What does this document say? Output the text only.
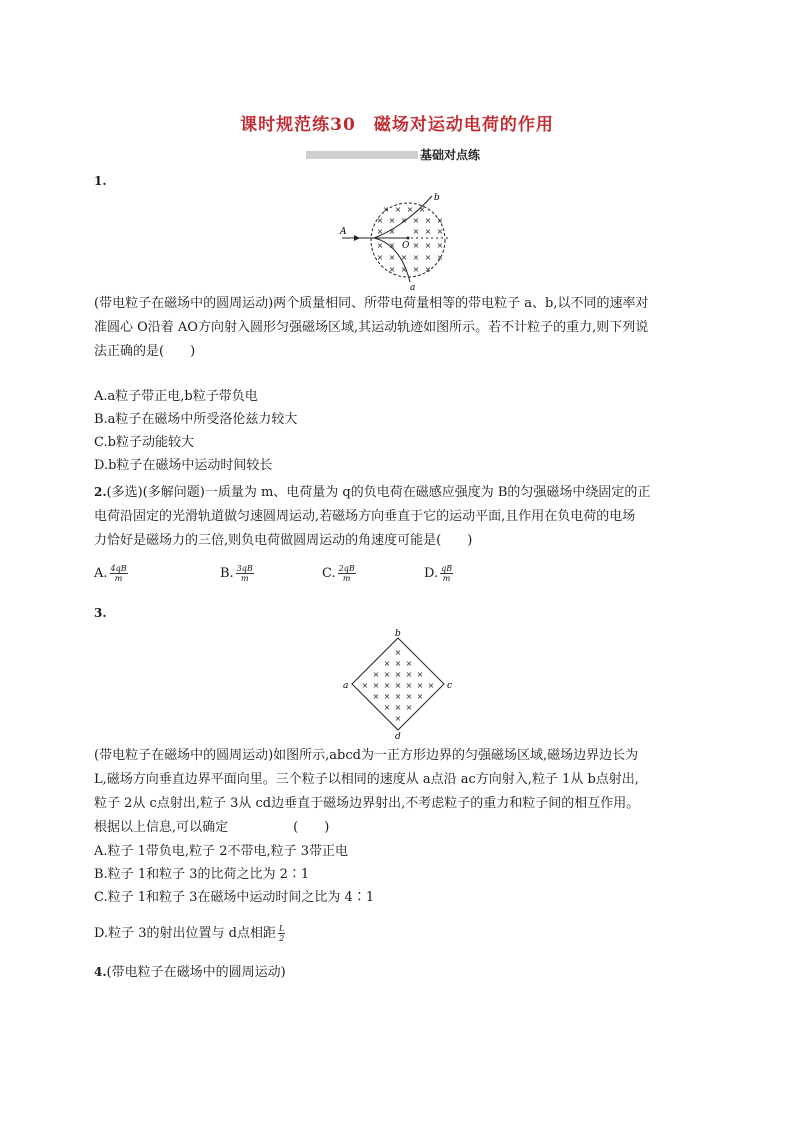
课时规范练30　磁场对运动电荷的作用
基础对点练
1.
× × × ×
× × × × × ×
× × × × ×
× × × × ×
× × × × × ×
× × × ×
A
b
O
a
(带电粒子在磁场中的圆周运动)两个质量相同、所带电荷量相等的带电粒子 a、b,以不同的速率对
准圆心 O沿着 AO方向射入圆形匀强磁场区域,其运动轨迹如图所示。若不计粒子的重力,则下列说
法正确的是(　　)
A.a粒子带正电,b粒子带负电
B.a粒子在磁场中所受洛伦兹力较大
C.b粒子动能较大
D.b粒子在磁场中运动时间较长
2.(多选)(多解问题)一质量为 m、电荷量为 q的负电荷在磁感应强度为 B的匀强磁场中绕固定的正
电荷沿固定的光滑轨道做匀速圆周运动,若磁场方向垂直于它的运动平面,且作用在负电荷的电场
力恰好是磁场力的三倍,则负电荷做圆周运动的角速度可能是(　　)
A. $\frac{4qB}{m}$	B. $\frac{3qB}{m}$	C. $\frac{2qB}{m}$	D. $\frac{qB}{m}$
3.
×
× × ×
× × × × ×
× × × × × × ×
× × × × ×
× × ×
×
b
a	c
d
(带电粒子在磁场中的圆周运动)如图所示,abcd为一正方形边界的匀强磁场区域,磁场边界边长为
L,磁场方向垂直边界平面向里。三个粒子以相同的速度从 a点沿 ac方向射入,粒子 1从 b点射出,
粒子 2从 c点射出,粒子 3从 cd边垂直于磁场边界射出,不考虑粒子的重力和粒子间的相互作用。
根据以上信息,可以确定　　　　　(　　)
A.粒子 1带负电,粒子 2不带电,粒子 3带正电
B.粒子 1和粒子 3的比荷之比为 2∶1
C.粒子 1和粒子 3在磁场中运动时间之比为 4∶1
D.粒子 3的射出位置与 d点相距 $\frac{L}{2}$
4.(带电粒子在磁场中的圆周运动)
